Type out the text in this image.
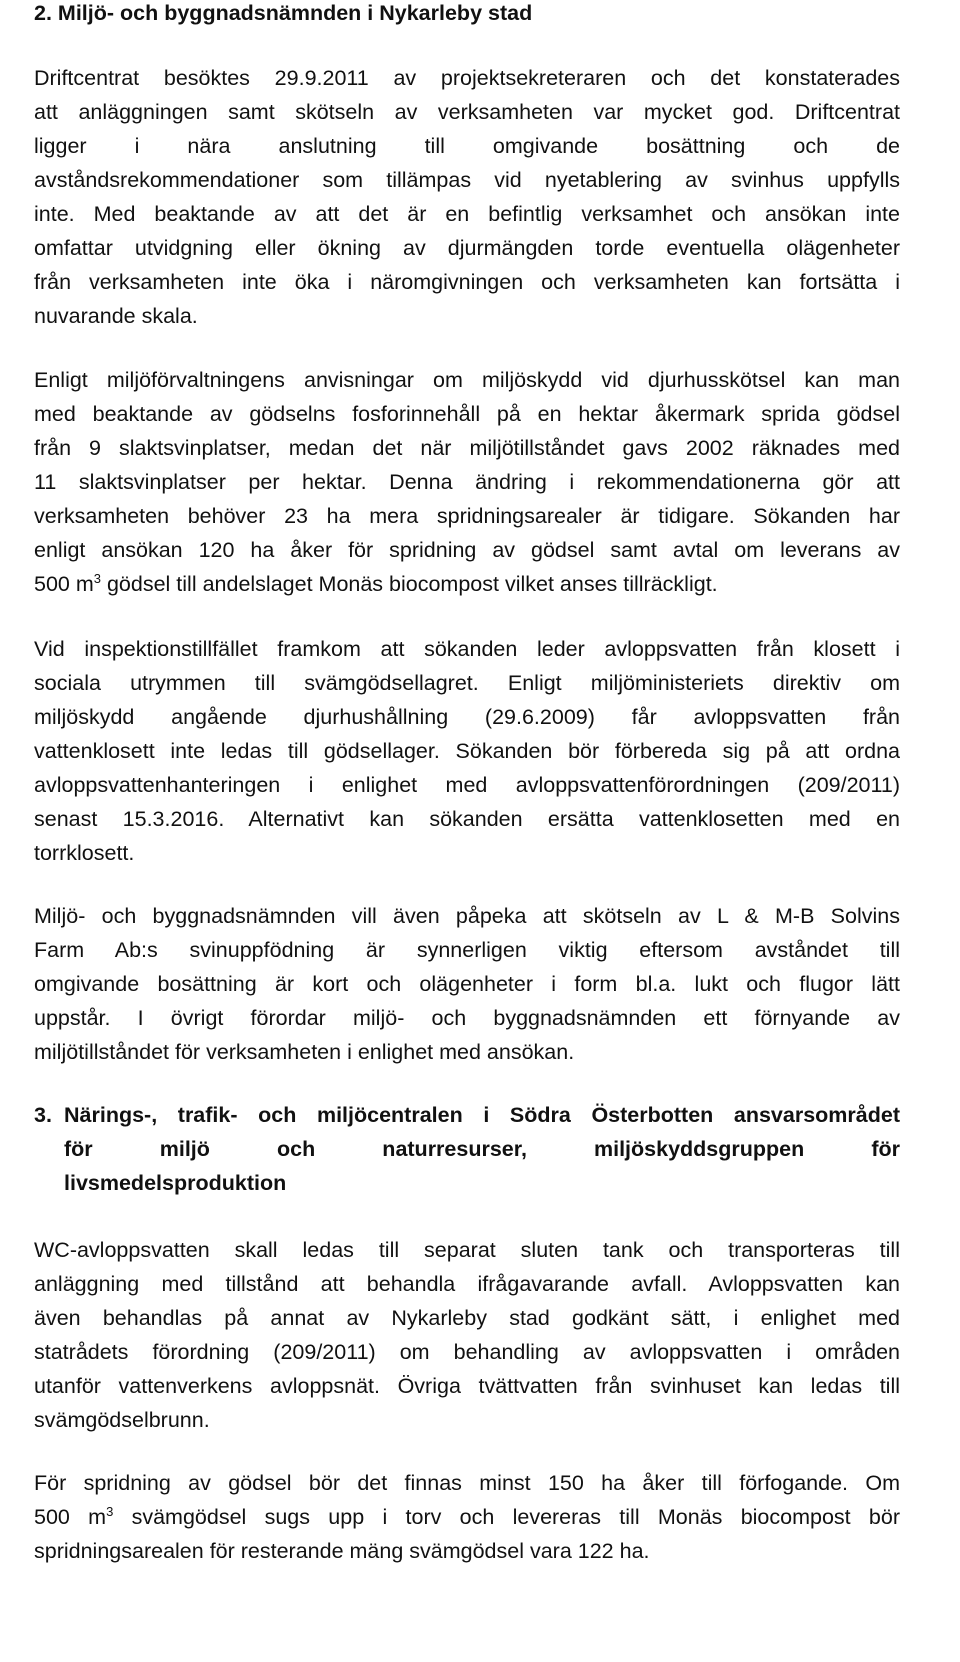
2. Miljö- och byggnadsnämnden i Nykarleby stad
Driftcentrat besöktes 29.9.2011 av projektsekreteraren och det konstaterades
att anläggningen samt skötseln av verksamheten var mycket god. Driftcentrat
ligger i nära anslutning till omgivande bosättning och de
avståndsrekommendationer som tillämpas vid nyetablering av svinhus uppfylls
inte. Med beaktande av att det är en befintlig verksamhet och ansökan inte
omfattar utvidgning eller ökning av djurmängden torde eventuella olägenheter
från verksamheten inte öka i näromgivningen och verksamheten kan fortsätta i
nuvarande skala.
Enligt miljöförvaltningens anvisningar om miljöskydd vid djurhusskötsel kan man
med beaktande av gödselns fosforinnehåll på en hektar åkermark sprida gödsel
från 9 slaktsvinplatser, medan det när miljötillståndet gavs 2002 räknades med
11 slaktsvinplatser per hektar. Denna ändring i rekommendationerna gör att
verksamheten behöver 23 ha mera spridningsarealer är tidigare. Sökanden har
enligt ansökan 120 ha åker för spridning av gödsel samt avtal om leverans av
500 $m^3$ gödsel till andelslaget Monäs biocompost vilket anses tillräckligt.
Vid inspektionstillfället framkom att sökanden leder avloppsvatten från klosett i
sociala utrymmen till svämgödsellagret. Enligt miljöministeriets direktiv om
miljöskydd angående djurhushållning (29.6.2009) får avloppsvatten från
vattenklosett inte ledas till gödsellager. Sökanden bör förbereda sig på att ordna
avloppsvattenhanteringen i enlighet med avloppsvattenförordningen (209/2011)
senast 15.3.2016. Alternativt kan sökanden ersätta vattenklosetten med en
torrklosett.
Miljö- och byggnadsnämnden vill även påpeka att skötseln av L & M-B Solvins
Farm Ab:s svinuppfödning är synnerligen viktig eftersom avståndet till
omgivande bosättning är kort och olägenheter i form bl.a. lukt och flugor lätt
uppstår. I övrigt förordar miljö- och byggnadsnämnden ett förnyande av
miljötillståndet för verksamheten i enlighet med ansökan.
3. Närings-, trafik- och miljöcentralen i Södra Österbotten ansvarsområdet
för miljö och naturresurser, miljöskyddsgruppen för
livsmedelsproduktion
WC-avloppsvatten skall ledas till separat sluten tank och transporteras till
anläggning med tillstånd att behandla ifrågavarande avfall. Avloppsvatten kan
även behandlas på annat av Nykarleby stad godkänt sätt, i enlighet med
statrådets förordning (209/2011) om behandling av avloppsvatten i områden
utanför vattenverkens avloppsnät. Övriga tvättvatten från svinhuset kan ledas till
svämgödselbrunn.
För spridning av gödsel bör det finnas minst 150 ha åker till förfogande. Om
500 $m^3$ svämgödsel sugs upp i torv och levereras till Monäs biocompost bör
spridningsarealen för resterande mäng svämgödsel vara 122 ha.
